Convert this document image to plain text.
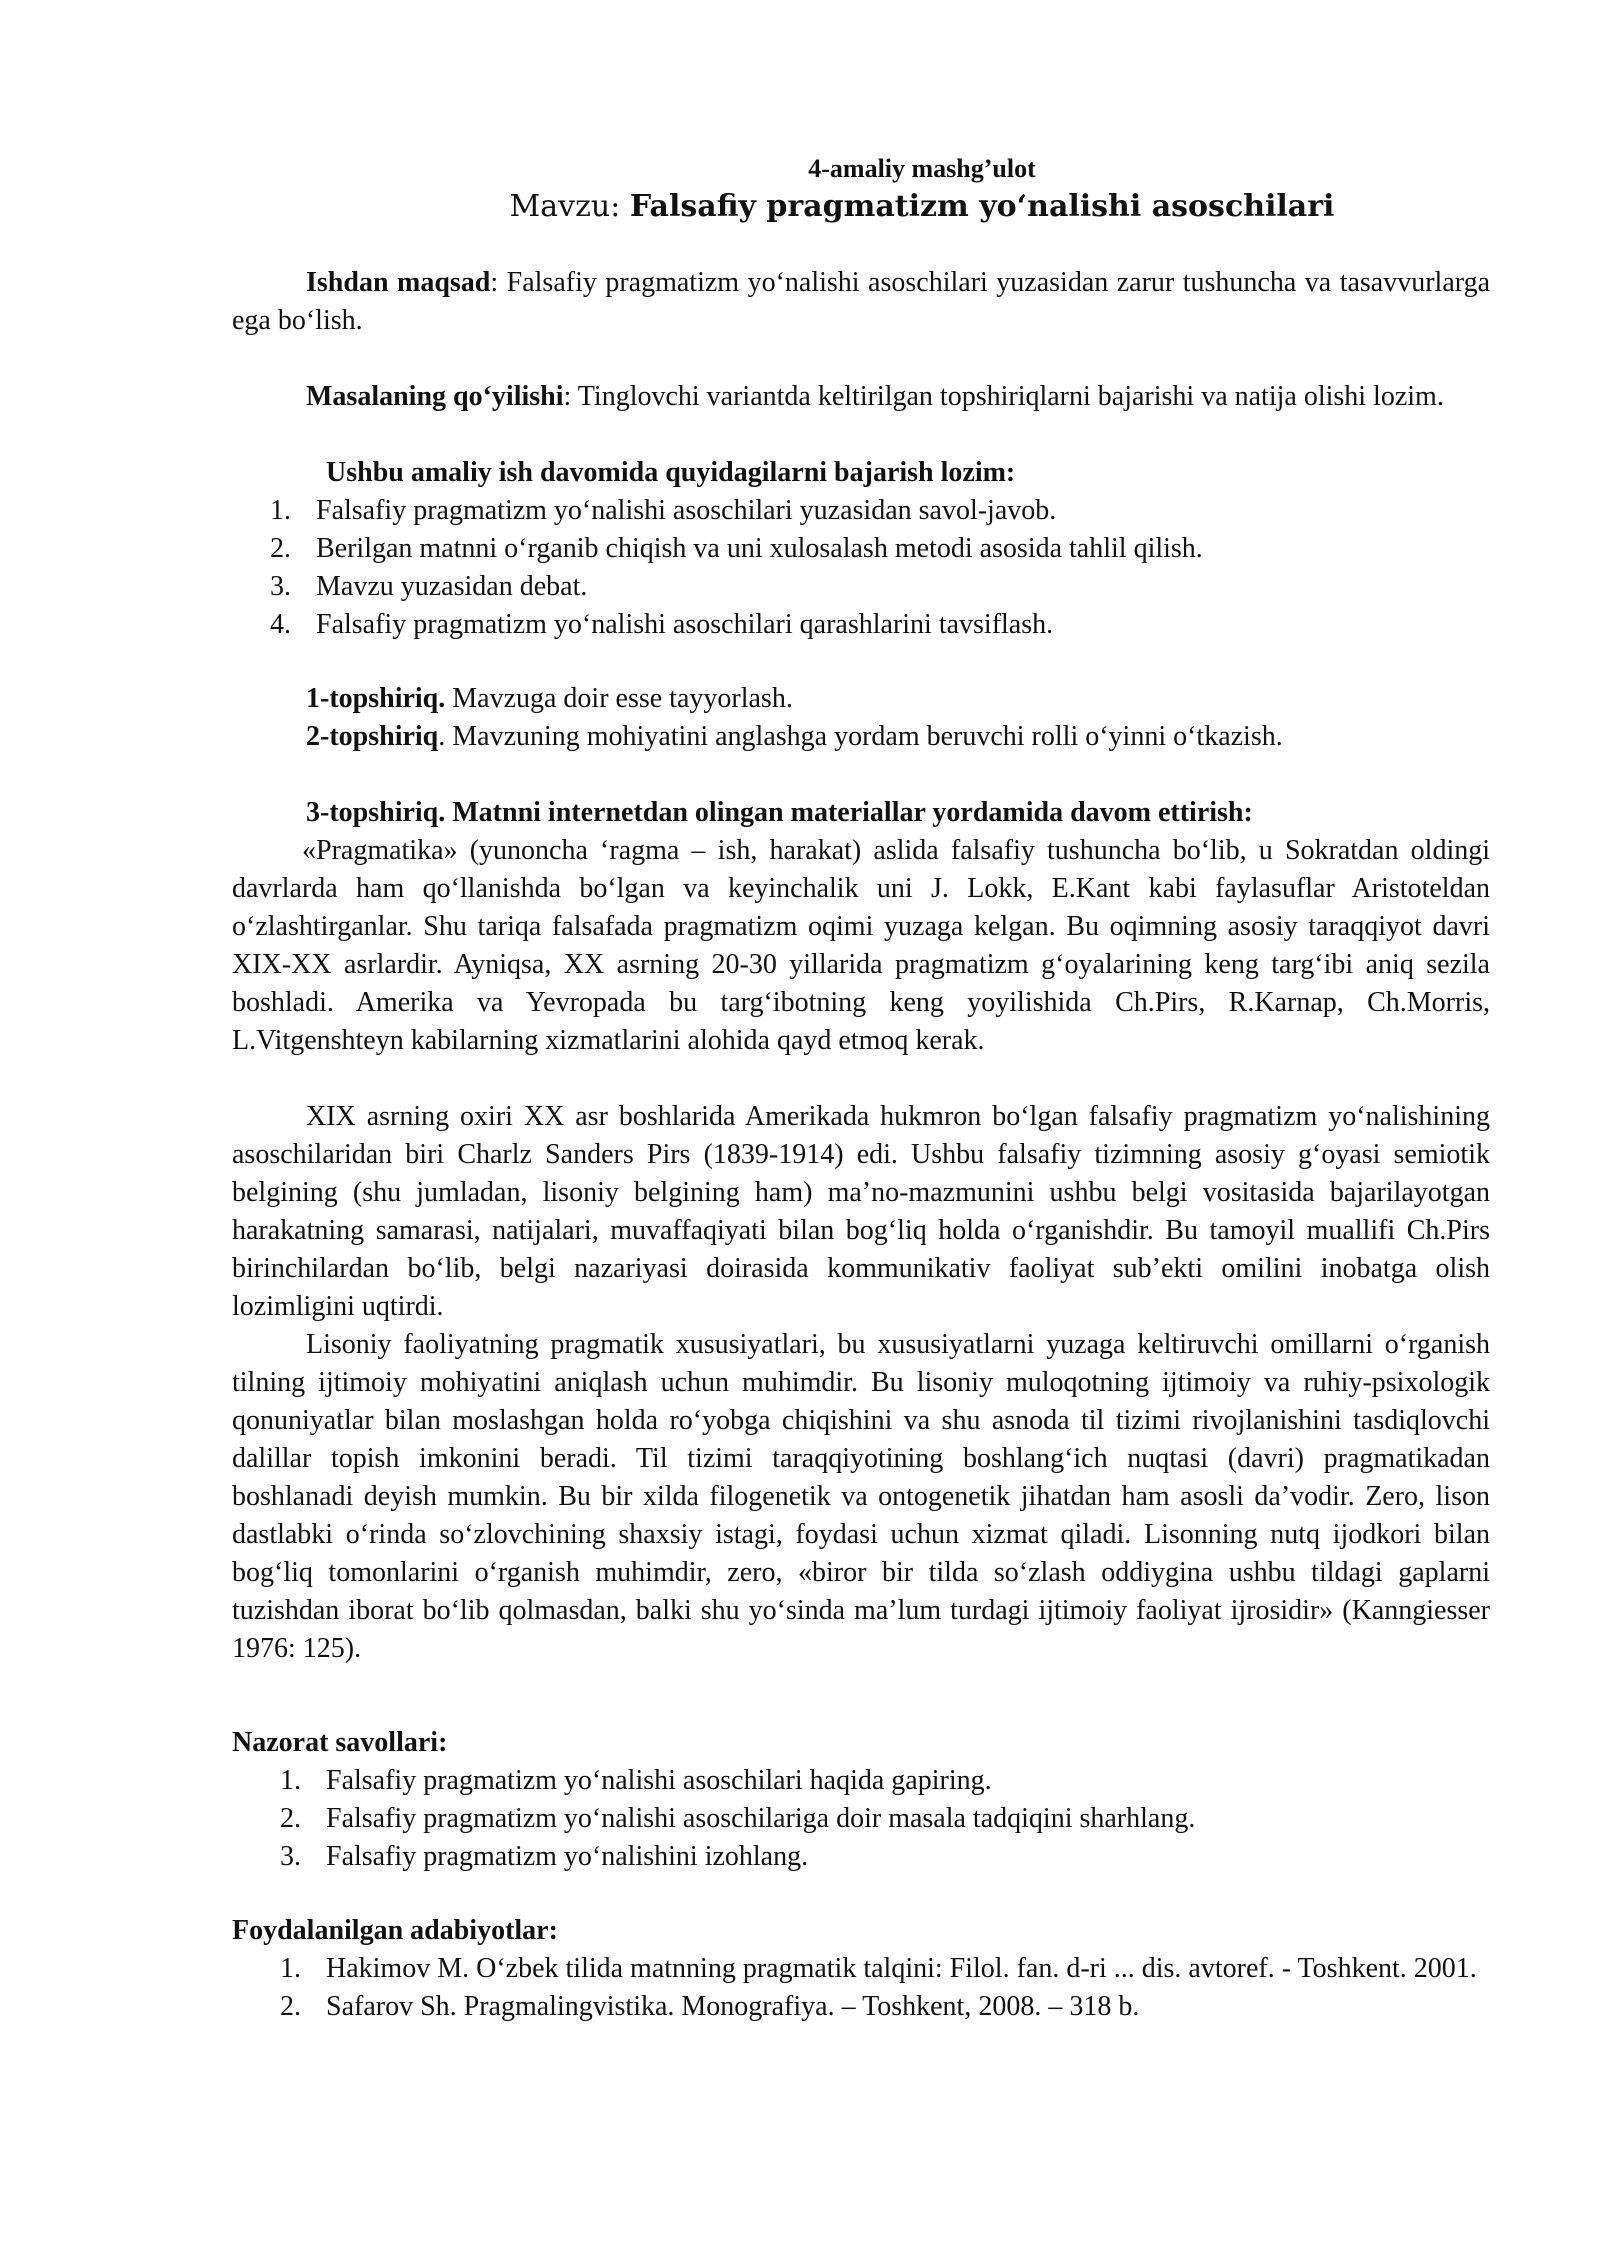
4-amaliy mashg’ulot
Mavzu: Falsafiy pragmatizm yo‘nalishi asoschilari

Ishdan maqsad: Falsafiy pragmatizm yo‘nalishi asoschilari yuzasidan zarur tushuncha va tasavvurlarga ega bo‘lish.

Masalaning qo‘yilishi: Tinglovchi variantda keltirilgan topshiriqlarni bajarishi va natija olishi lozim.

Ushbu amaliy ish davomida quyidagilarni bajarish lozim:
1. Falsafiy pragmatizm yo‘nalishi asoschilari yuzasidan savol-javob.
2. Berilgan matnni o‘rganib chiqish va uni xulosalash metodi asosida tahlil qilish.
3. Mavzu yuzasidan debat.
4. Falsafiy pragmatizm yo‘nalishi asoschilari qarashlarini tavsiflash.
1-topshiriq. Mavzuga doir esse tayyorlash.
2-topshiriq. Mavzuning mohiyatini anglashga yordam beruvchi rolli o‘yinni o‘tkazish.
3-topshiriq. Matnni internetdan olingan materiallar yordamida davom ettirish:

«Pragmatika» (yunoncha ‘ragma – ish, harakat) aslida falsafiy tushuncha bo‘lib, u Sokratdan oldingi davrlarda ham qo‘llanishda bo‘lgan va keyinchalik uni J. Lokk, E.Kant kabi faylasuflar Aristoteldan o‘zlashtirganlar. Shu tariqa falsafada pragmatizm oqimi yuzaga kelgan. Bu oqimning asosiy taraqqiyot davri XIX-XX asrlardir. Ayniqsa, XX asrning 20-30 yillarida pragmatizm g‘oyalarining keng targ‘ibi aniq sezila boshladi. Amerika va Yevropada bu targ‘ibotning keng yoyilishida Ch.Pirs, R.Karnap, Ch.Morris, L.Vitgenshteyn kabilarning xizmatlarini alohida qayd etmoq kerak.

XIX asrning oxiri XX asr boshlarida Amerikada hukmron bo‘lgan falsafiy pragmatizm yo‘nalishining asoschilaridan biri Charlz Sanders Pirs (1839-1914) edi. Ushbu falsafiy tizimning asosiy g‘oyasi semiotik belgining (shu jumladan, lisoniy belgining ham) ma’no-mazmunini ushbu belgi vositasida bajarilayotgan harakatning samarasi, natijalari, muvaffaqiyati bilan bog‘liq holda o‘rganishdir. Bu tamoyil muallifi Ch.Pirs birinchilardan bo‘lib, belgi nazariyasi doirasida kommunikativ faoliyat sub’ekti omilini inobatga olish lozimligini uqtirdi.

Lisoniy faoliyatning pragmatik xususiyatlari, bu xususiyatlarni yuzaga keltiruvchi omillarni o‘rganish tilning ijtimoiy mohiyatini aniqlash uchun muhimdir. Bu lisoniy muloqotning ijtimoiy va ruhiy-psixologik qonuniyatlar bilan moslashgan holda ro‘yobga chiqishini va shu asnoda til tizimi rivojlanishini tasdiqlovchi dalillar topish imkonini beradi. Til tizimi taraqqiyotining boshlang‘ich nuqtasi (davri) pragmatikadan boshlanadi deyish mumkin. Bu bir xilda filogenetik va ontogenetik jihatdan ham asosli da’vodir. Zero, lison dastlabki o‘rinda so‘zlovchining shaxsiy istagi, foydasi uchun xizmat qiladi. Lisonning nutq ijodkori bilan bog‘liq tomonlarini o‘rganish muhimdir, zero, «biror bir tilda so‘zlash oddiygina ushbu tildagi gaplarni tuzishdan iborat bo‘lib qolmasdan, balki shu yo‘sinda ma’lum turdagi ijtimoiy faoliyat ijrosidir» (Kanngiesser 1976: 125).

Nazorat savollari:
1. Falsafiy pragmatizm yo‘nalishi asoschilari haqida gapiring.
2. Falsafiy pragmatizm yo‘nalishi asoschilariga doir masala tadqiqini sharhlang.
3. Falsafiy pragmatizm yo‘nalishini izohlang.
Foydalanilgan adabiyotlar:
1. Hakimov M. O‘zbek tilida matnning pragmatik talqini: Filol. fan. d-ri ... dis. avtoref. - Toshkent. 2001.
2. Safarov Sh. Pragmalingvistika. Monografiya. – Toshkent, 2008. – 318 b.
